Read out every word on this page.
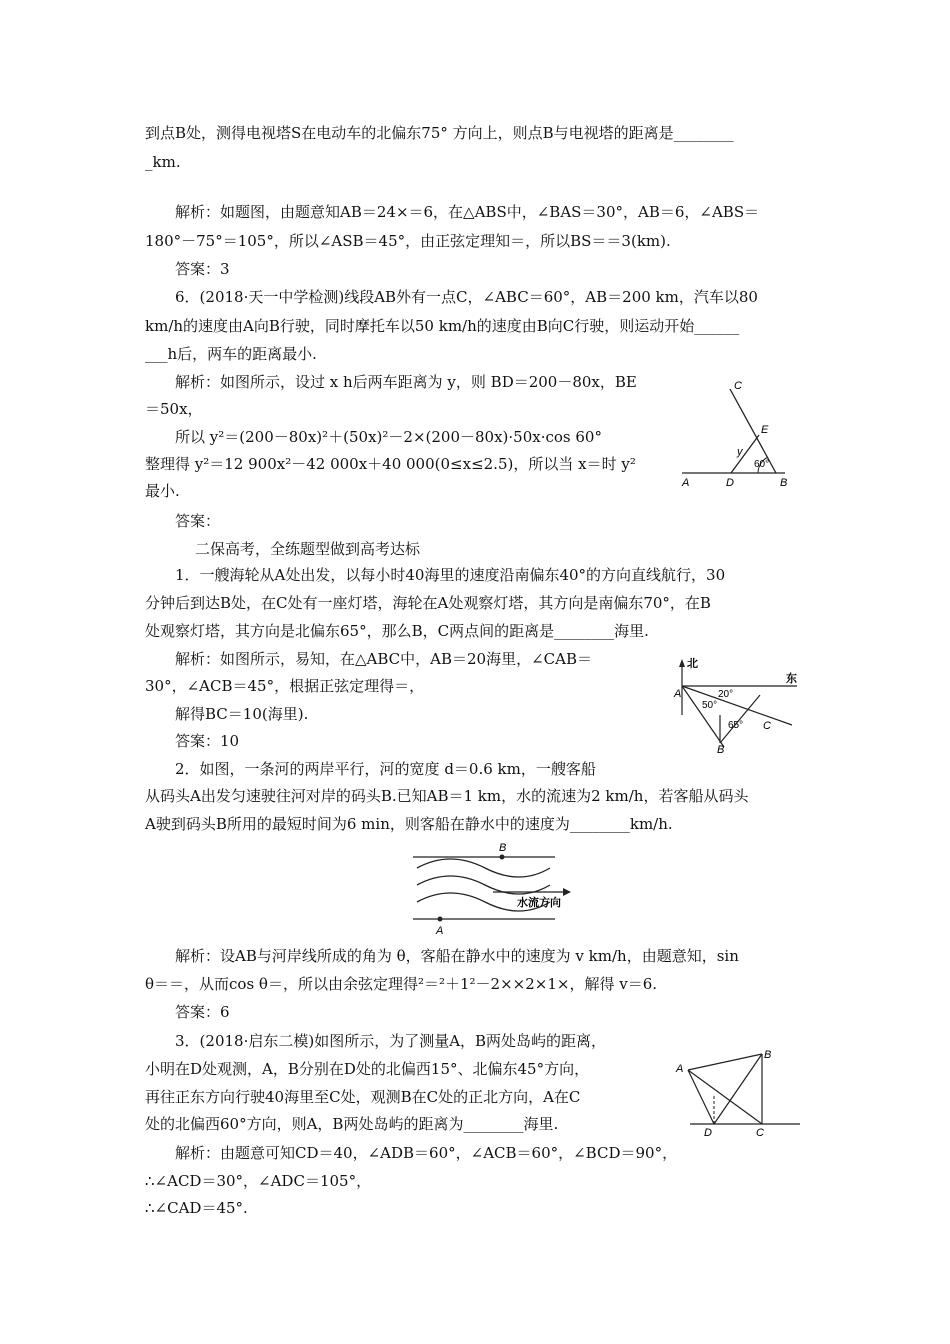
到点B处，测得电视塔S在电动车的北偏东75° 方向上，则点B与电视塔的距离是________
_km.
解析：如题图，由题意知AB＝24×＝6，在△ABS中，∠BAS＝30°，AB＝6，∠ABS＝
180°－75°＝105°，所以∠ASB＝45°，由正弦定理知＝，所以BS＝＝3(km).
答案：3
6．(2018·天一中学检测)线段AB外有一点C，∠ABC＝60°，AB＝200 km，汽车以80
km/h的速度由A向B行驶，同时摩托车以50 km/h的速度由B向C行驶，则运动开始______
___h后，两车的距离最小.
解析：如图所示，设过 x h后两车距离为 y，则 BD＝200－80x，BE
＝50x，
所以 y²＝(200－80x)²＋(50x)²－2×(200－80x)·50x·cos 60°
整理得 y²＝12 900x²－42 000x＋40 000(0≤x≤2.5)，所以当 x＝时 y²
最小.
答案：
二保高考，全练题型做到高考达标
1．一艘海轮从A处出发，以每小时40海里的速度沿南偏东40°的方向直线航行，30
分钟后到达B处，在C处有一座灯塔，海轮在A处观察灯塔，其方向是南偏东70°，在B
处观察灯塔，其方向是北偏东65°，那么B，C两点间的距离是________海里.
解析：如图所示，易知，在△ABC中，AB＝20海里，∠CAB＝
30°，∠ACB＝45°，根据正弦定理得＝，
解得BC＝10(海里).
答案：10
2．如图，一条河的两岸平行，河的宽度 d＝0.6 km，一艘客船
从码头A出发匀速驶往河对岸的码头B.已知AB＝1 km，水的流速为2 km/h，若客船从码头
A驶到码头B所用的最短时间为6 min，则客船在静水中的速度为________km/h.
解析：设AB与河岸线所成的角为 θ，客船在静水中的速度为 v km/h，由题意知，sin
θ＝＝，从而cos θ＝，所以由余弦定理得²＝²＋1²－2××2×1×，解得 v＝6.
答案：6
3．(2018·启东二模)如图所示，为了测量A，B两处岛屿的距离，
小明在D处观测，A，B分别在D处的北偏西15°、北偏东45°方向，
再往正东方向行驶40海里至C处，观测B在C处的正北方向，A在C
处的北偏西60°方向，则A，B两处岛屿的距离为________海里.
解析：由题意可知CD＝40，∠ADB＝60°，∠ACB＝60°，∠BCD＝90°，
∴∠ACD＝30°，∠ADC＝105°，
∴∠CAD＝45°.
C
E
y
60°
A	D	B
北
东
A	20°
50°
65° C
B
B
水流方向
A
B
A
D	C
